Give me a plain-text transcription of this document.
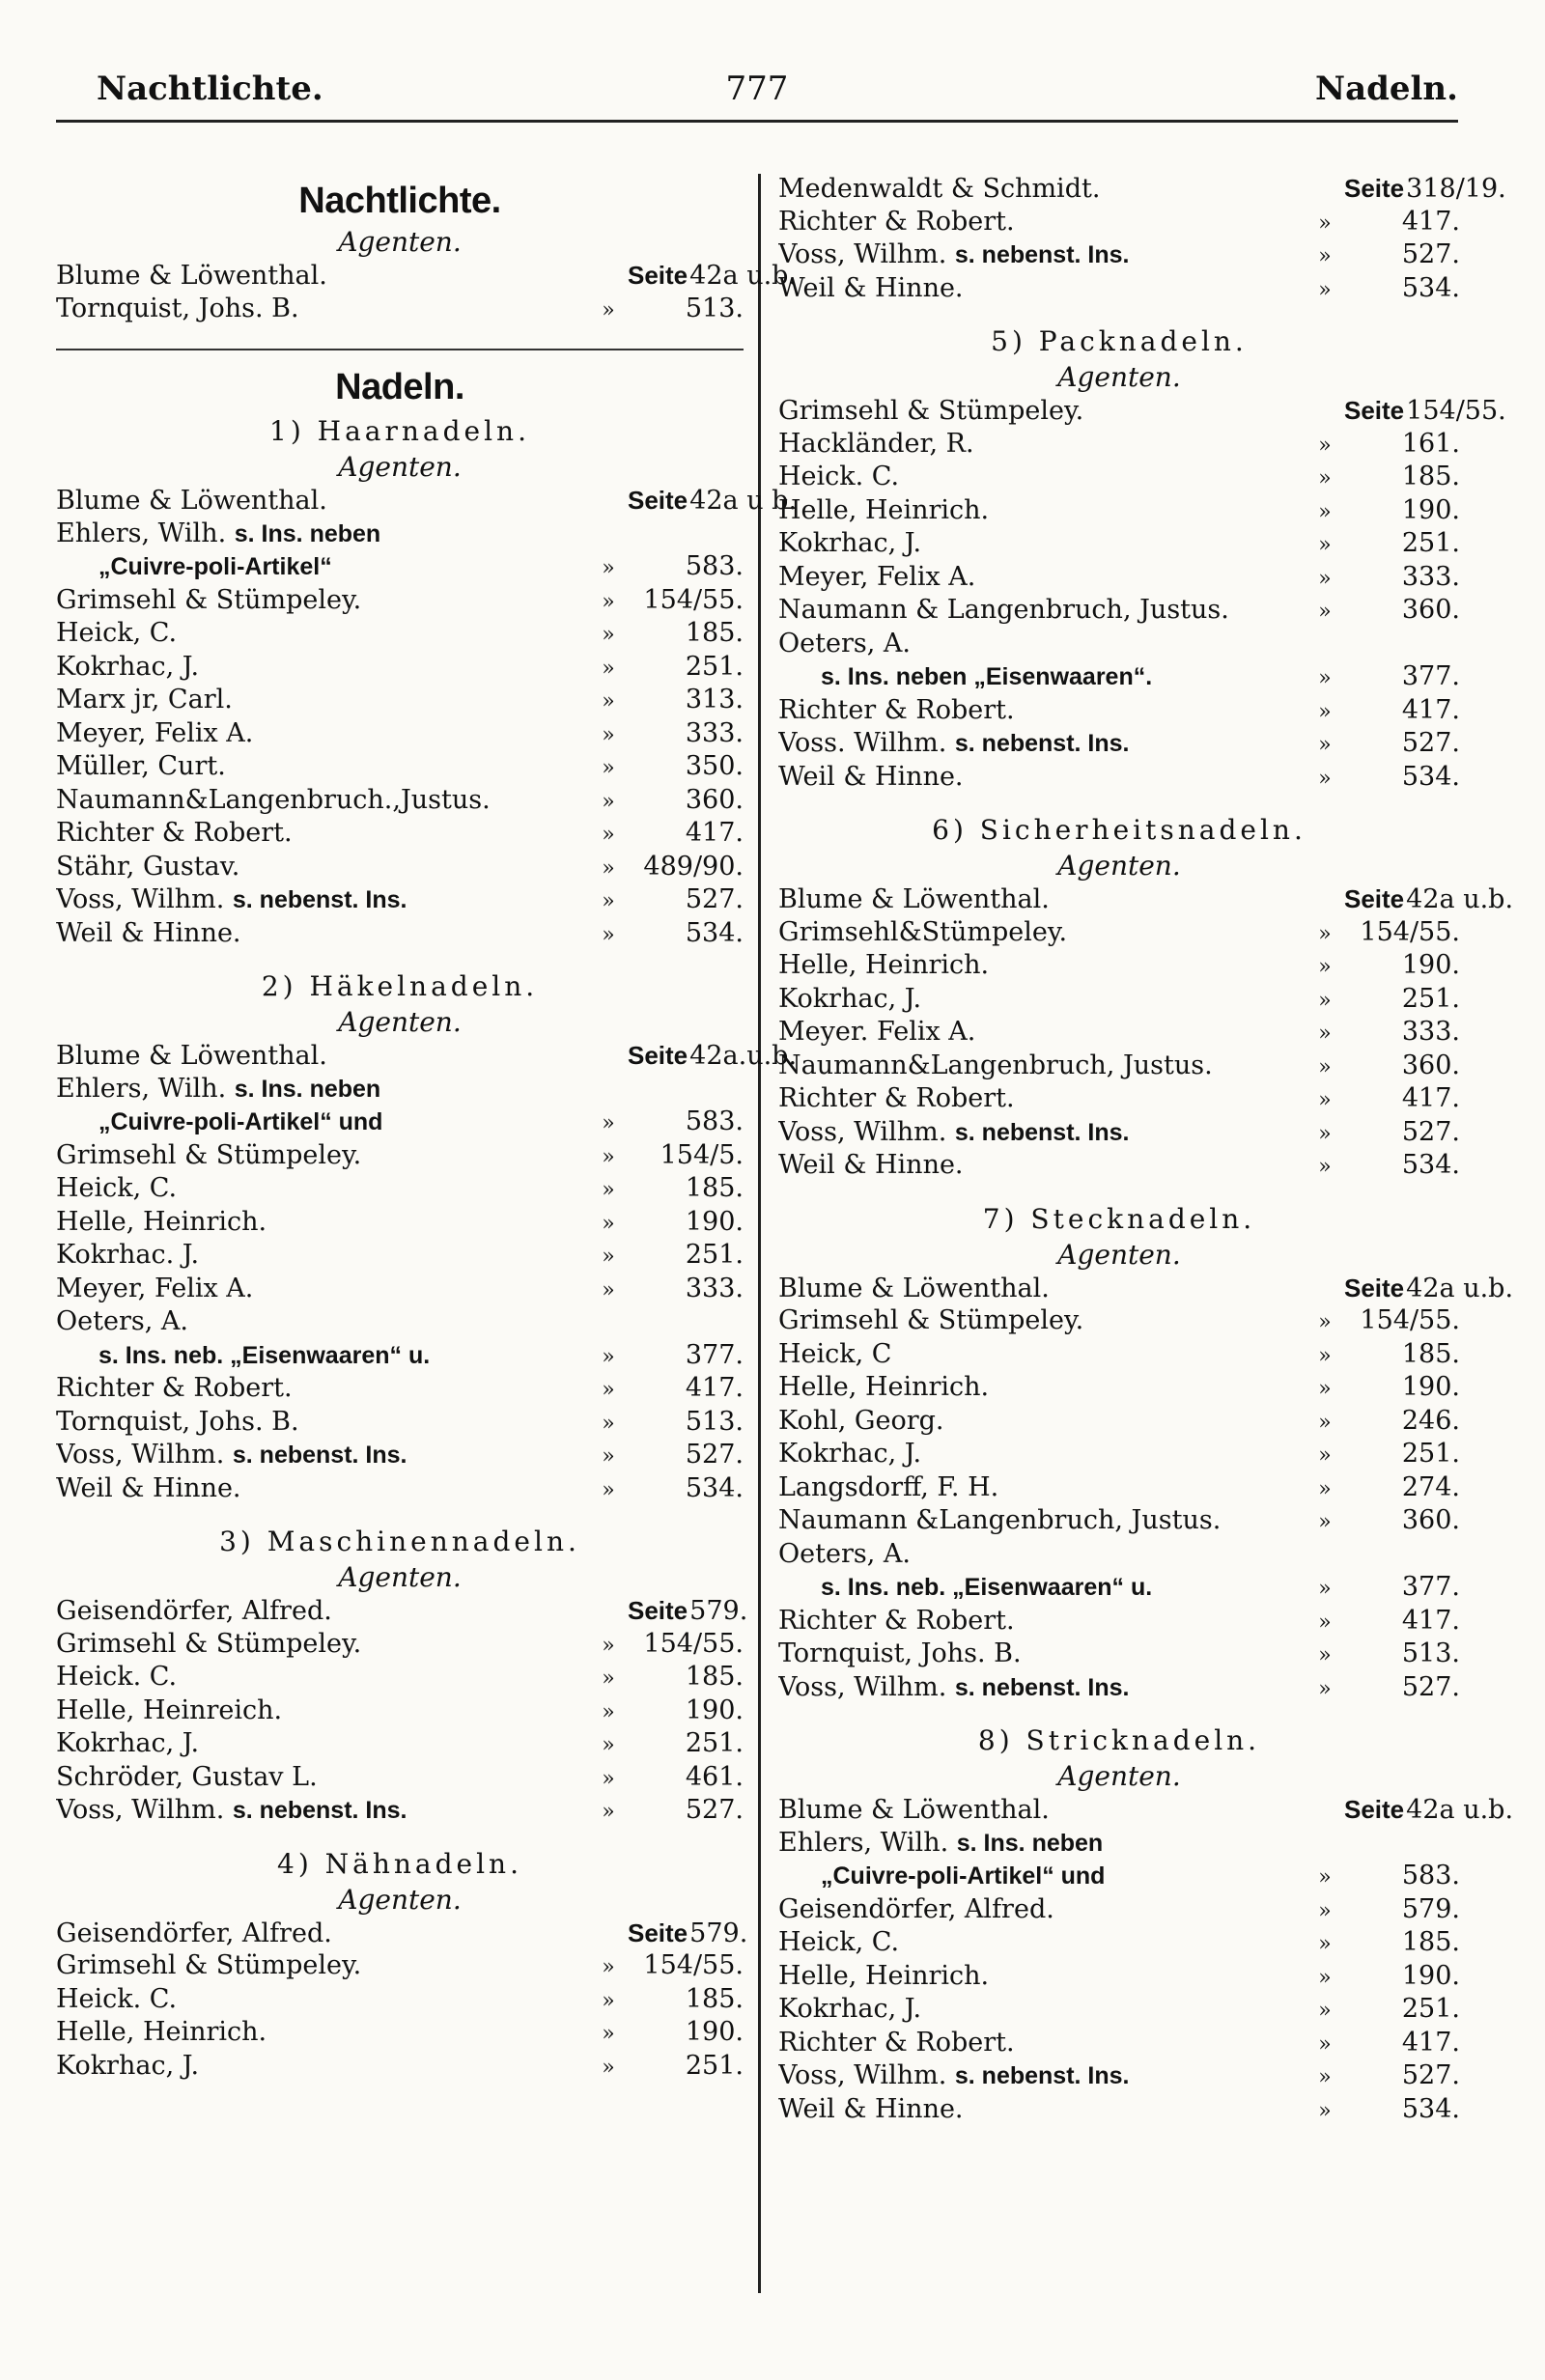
Nachtlichte.	777	Nadeln.
Nachtlichte.
Agenten.
Blume & Löwenthal.	Seite42a u.b.
Tornquist, Johs. B.	»	513.
Nadeln.
1) Haarnadeln.
Agenten.
Blume & Löwenthal.	Seite42a u b.
Ehlers, Wilh. s. Ins. neben
„Cuivre-poli-Artikel“	»	583.
Grimsehl & Stümpeley.	»	154/55.
Heick, C.	»	185.
Kokrhac, J.	»	251.
Marx jr, Carl.	»	313.
Meyer, Felix A.	»	333.
Müller, Curt.	»	350.
Naumann&Langenbruch.,Justus.	»	360.
Richter & Robert.	»	417.
Stähr, Gustav.	»	489/90.
Voss, Wilhm. s. nebenst. Ins.	»	527.
Weil & Hinne.	»	534.
2) Häkelnadeln.
Agenten.
Blume & Löwenthal.	Seite42a.u.b.
Ehlers, Wilh. s. Ins. neben
„Cuivre-poli-Artikel“ und	»	583.
Grimsehl & Stümpeley.	»	154/5.
Heick, C.	»	185.
Helle, Heinrich.	»	190.
Kokrhac. J.	»	251.
Meyer, Felix A.	»	333.
Oeters, A.
s. Ins. neb. „Eisenwaaren“ u.	»	377.
Richter & Robert.	»	417.
Tornquist, Johs. B.	»	513.
Voss, Wilhm. s. nebenst. Ins.	»	527.
Weil & Hinne.	»	534.
3) Maschinennadeln.
Agenten.
Geisendörfer, Alfred.	Seite579.
Grimsehl & Stümpeley.	»	154/55.
Heick. C.	»	185.
Helle, Heinreich.	»	190.
Kokrhac, J.	»	251.
Schröder, Gustav L.	»	461.
Voss, Wilhm. s. nebenst. Ins.	»	527.
4) Nähnadeln.
Agenten.
Geisendörfer, Alfred.	Seite579.
Grimsehl & Stümpeley.	»	154/55.
Heick. C.	»	185.
Helle, Heinrich.	»	190.
Kokrhac, J.	»	251.
Medenwaldt & Schmidt.	Seite318/19.
Richter & Robert.	»	417.
Voss, Wilhm. s. nebenst. Ins.	»	527.
Weil & Hinne.	»	534.
5) Packnadeln.
Agenten.
Grimsehl & Stümpeley.	Seite154/55.
Hackländer, R.	»	161.
Heick. C.	»	185.
Helle, Heinrich.	»	190.
Kokrhac, J.	»	251.
Meyer, Felix A.	»	333.
Naumann & Langenbruch, Justus.	»	360.
Oeters, A.
s. Ins. neben „Eisenwaaren“.	»	377.
Richter & Robert.	»	417.
Voss. Wilhm. s. nebenst. Ins.	»	527.
Weil & Hinne.	»	534.
6) Sicherheitsnadeln.
Agenten.
Blume & Löwenthal.	Seite42a u.b.
Grimsehl&Stümpeley.	»	154/55.
Helle, Heinrich.	»	190.
Kokrhac, J.	»	251.
Meyer. Felix A.	»	333.
Naumann&Langenbruch, Justus.	»	360.
Richter & Robert.	»	417.
Voss, Wilhm. s. nebenst. Ins.	»	527.
Weil & Hinne.	»	534.
7) Stecknadeln.
Agenten.
Blume & Löwenthal.	Seite42a u.b.
Grimsehl & Stümpeley.	»	154/55.
Heick, C	»	185.
Helle, Heinrich.	»	190.
Kohl, Georg.	»	246.
Kokrhac, J.	»	251.
Langsdorff, F. H.	»	274.
Naumann &Langenbruch, Justus.	»	360.
Oeters, A.
s. Ins. neb. „Eisenwaaren“ u.	»	377.
Richter & Robert.	»	417.
Tornquist, Johs. B.	»	513.
Voss, Wilhm. s. nebenst. Ins.	»	527.
8) Stricknadeln.
Agenten.
Blume & Löwenthal.	Seite42a u.b.
Ehlers, Wilh. s. Ins. neben
„Cuivre-poli-Artikel“ und	»	583.
Geisendörfer, Alfred.	»	579.
Heick, C.	»	185.
Helle, Heinrich.	»	190.
Kokrhac, J.	»	251.
Richter & Robert.	»	417.
Voss, Wilhm. s. nebenst. Ins.	»	527.
Weil & Hinne.	»	534.
